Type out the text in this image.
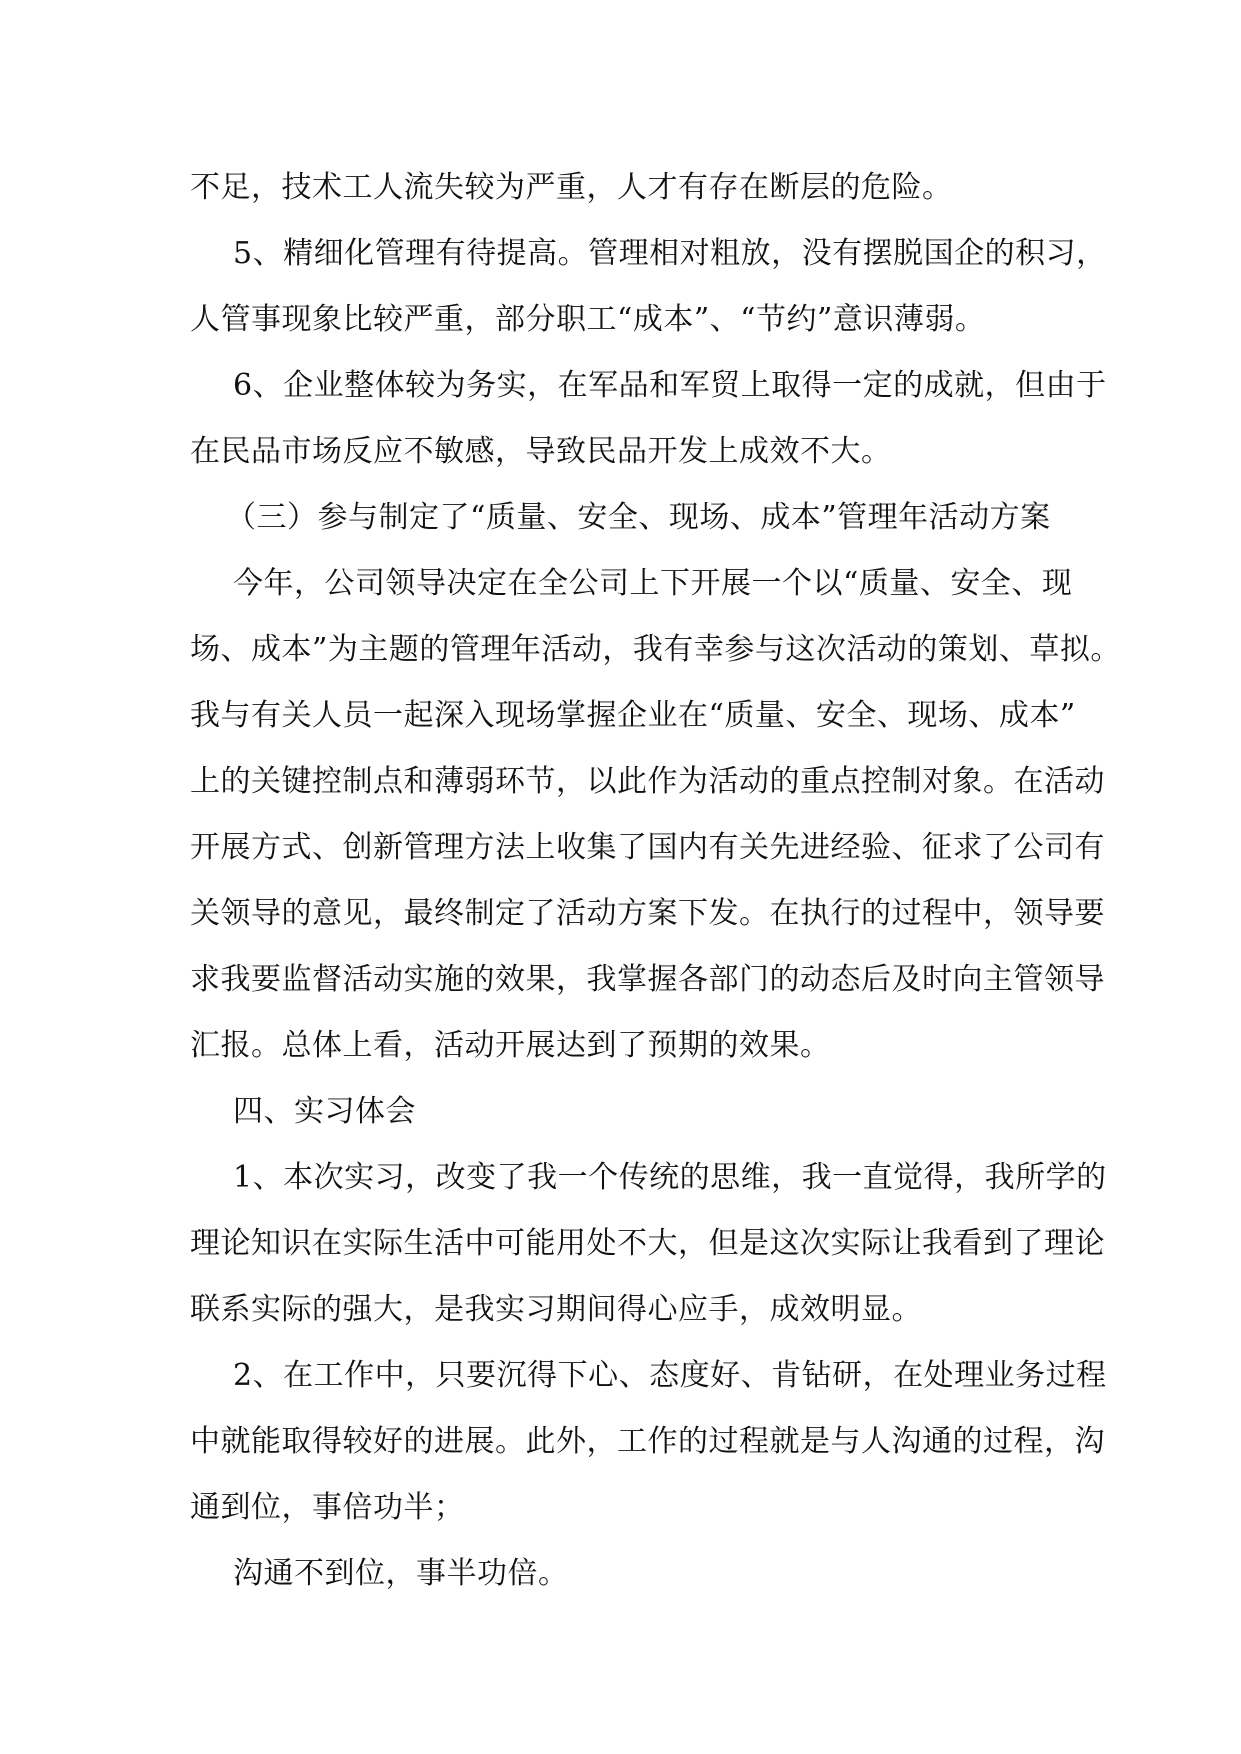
不足，技术工人流失较为严重，人才有存在断层的危险。
5、精细化管理有待提高。管理相对粗放，没有摆脱国企的积习，
人管事现象比较严重，部分职工“成本”、“节约”意识薄弱。
6、企业整体较为务实，在军品和军贸上取得一定的成就，但由于
在民品市场反应不敏感，导致民品开发上成效不大。
（三）参与制定了“质量、安全、现场、成本”管理年活动方案
今年，公司领导决定在全公司上下开展一个以“质量、安全、现
场、成本”为主题的管理年活动，我有幸参与这次活动的策划、草拟。
我与有关人员一起深入现场掌握企业在“质量、安全、现场、成本”
上的关键控制点和薄弱环节，以此作为活动的重点控制对象。在活动
开展方式、创新管理方法上收集了国内有关先进经验、征求了公司有
关领导的意见，最终制定了活动方案下发。在执行的过程中，领导要
求我要监督活动实施的效果，我掌握各部门的动态后及时向主管领导
汇报。总体上看，活动开展达到了预期的效果。
四、实习体会
1、本次实习，改变了我一个传统的思维，我一直觉得，我所学的
理论知识在实际生活中可能用处不大，但是这次实际让我看到了理论
联系实际的强大，是我实习期间得心应手，成效明显。
2、在工作中，只要沉得下心、态度好、肯钻研，在处理业务过程
中就能取得较好的进展。此外，工作的过程就是与人沟通的过程，沟
通到位，事倍功半；
沟通不到位，事半功倍。
